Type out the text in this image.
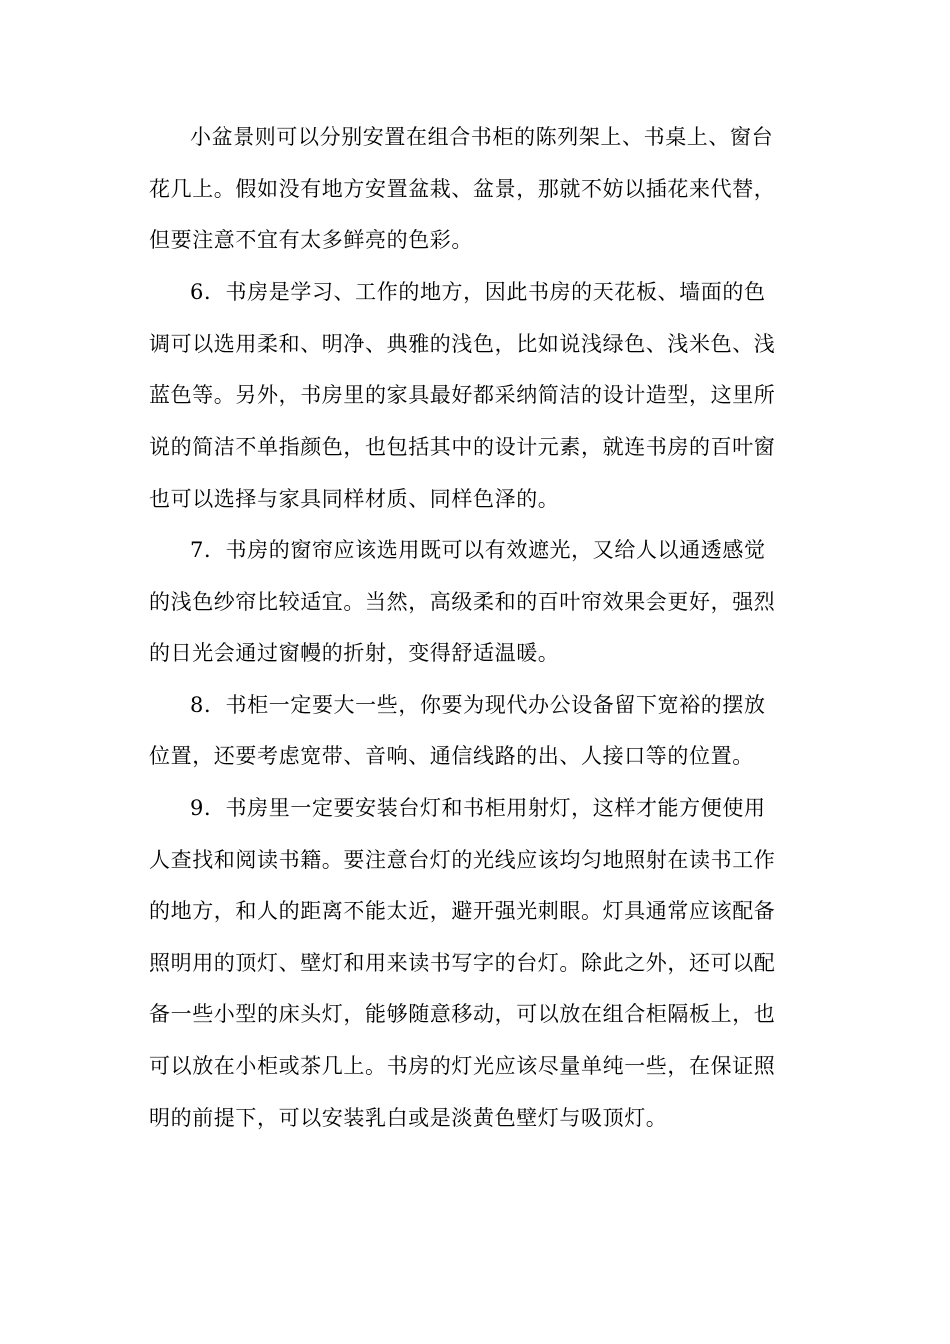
小盆景则可以分别安置在组合书柜的陈列架上、书桌上、窗台
花几上。假如没有地方安置盆栽、盆景，那就不妨以插花来代替，
但要注意不宜有太多鲜亮的色彩。
6．书房是学习、工作的地方，因此书房的天花板、墙面的色
调可以选用柔和、明净、典雅的浅色，比如说浅绿色、浅米色、浅
蓝色等。另外，书房里的家具最好都采纳简洁的设计造型，这里所
说的简洁不单指颜色，也包括其中的设计元素，就连书房的百叶窗
也可以选择与家具同样材质、同样色泽的。
7．书房的窗帘应该选用既可以有效遮光，又给人以通透感觉
的浅色纱帘比较适宜。当然，高级柔和的百叶帘效果会更好，强烈
的日光会通过窗幔的折射，变得舒适温暖。
8．书柜一定要大一些，你要为现代办公设备留下宽裕的摆放
位置，还要考虑宽带、音响、通信线路的出、人接口等的位置。
9．书房里一定要安装台灯和书柜用射灯，这样才能方便使用
人查找和阅读书籍。要注意台灯的光线应该均匀地照射在读书工作
的地方，和人的距离不能太近，避开强光刺眼。灯具通常应该配备
照明用的顶灯、壁灯和用来读书写字的台灯。除此之外，还可以配
备一些小型的床头灯，能够随意移动，可以放在组合柜隔板上，也
可以放在小柜或茶几上。书房的灯光应该尽量单纯一些，在保证照
明的前提下，可以安装乳白或是淡黄色壁灯与吸顶灯。
